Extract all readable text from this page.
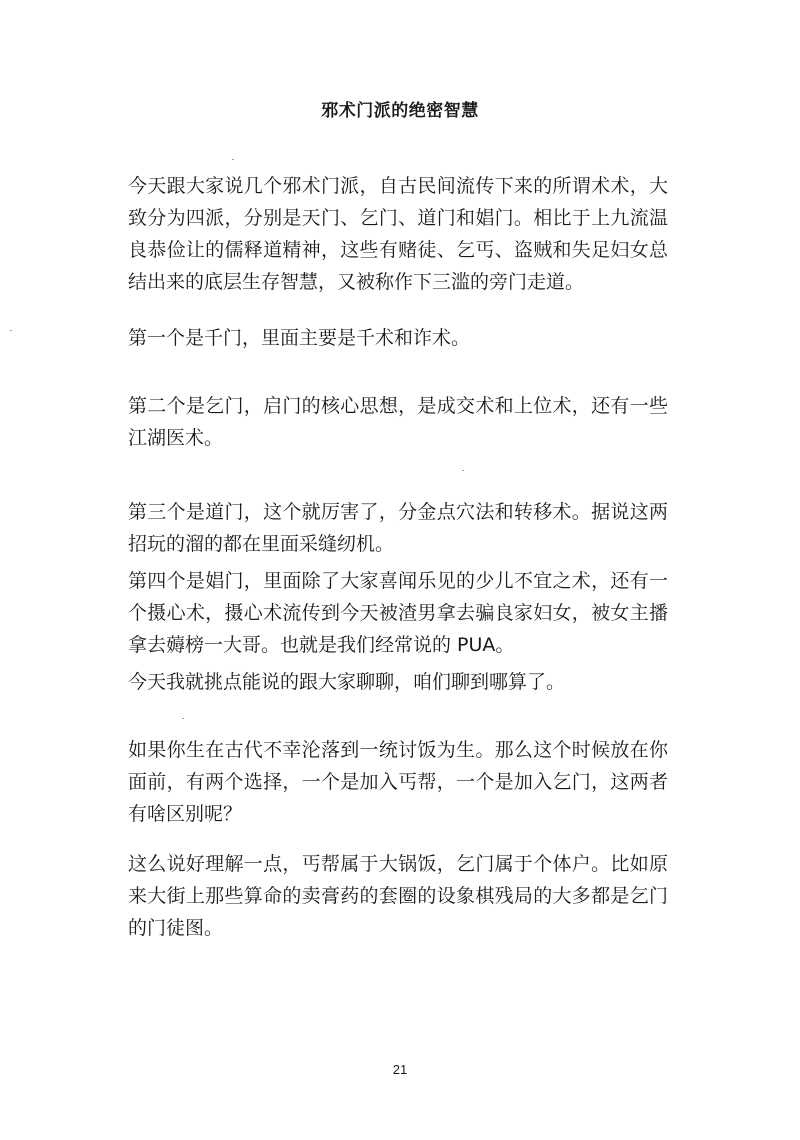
邪术门派的绝密智慧

今天跟大家说几个邪术门派，自古民间流传下来的所谓术术，大致分为四派，分别是天门、乞门、道门和娼门。相比于上九流温良恭俭让的儒释道精神，这些有赌徒、乞丐、盗贼和失足妇女总结出来的底层生存智慧，又被称作下三滥的旁门走道。

第一个是千门，里面主要是千术和诈术。

第二个是乞门，启门的核心思想，是成交术和上位术，还有一些江湖医术。

第三个是道门，这个就厉害了，分金点穴法和转移术。据说这两招玩的溜的都在里面采缝纫机。

第四个是娼门，里面除了大家喜闻乐见的少儿不宜之术，还有一个摄心术，摄心术流传到今天被渣男拿去骗良家妇女，被女主播拿去薅榜一大哥。也就是我们经常说的 PUA。

今天我就挑点能说的跟大家聊聊，咱们聊到哪算了。

如果你生在古代不幸沦落到一统讨饭为生。那么这个时候放在你面前，有两个选择，一个是加入丐帮，一个是加入乞门，这两者有啥区别呢？

这么说好理解一点，丐帮属于大锅饭，乞门属于个体户。比如原来大街上那些算命的卖膏药的套圈的设象棋残局的大多都是乞门的门徒图。

21
